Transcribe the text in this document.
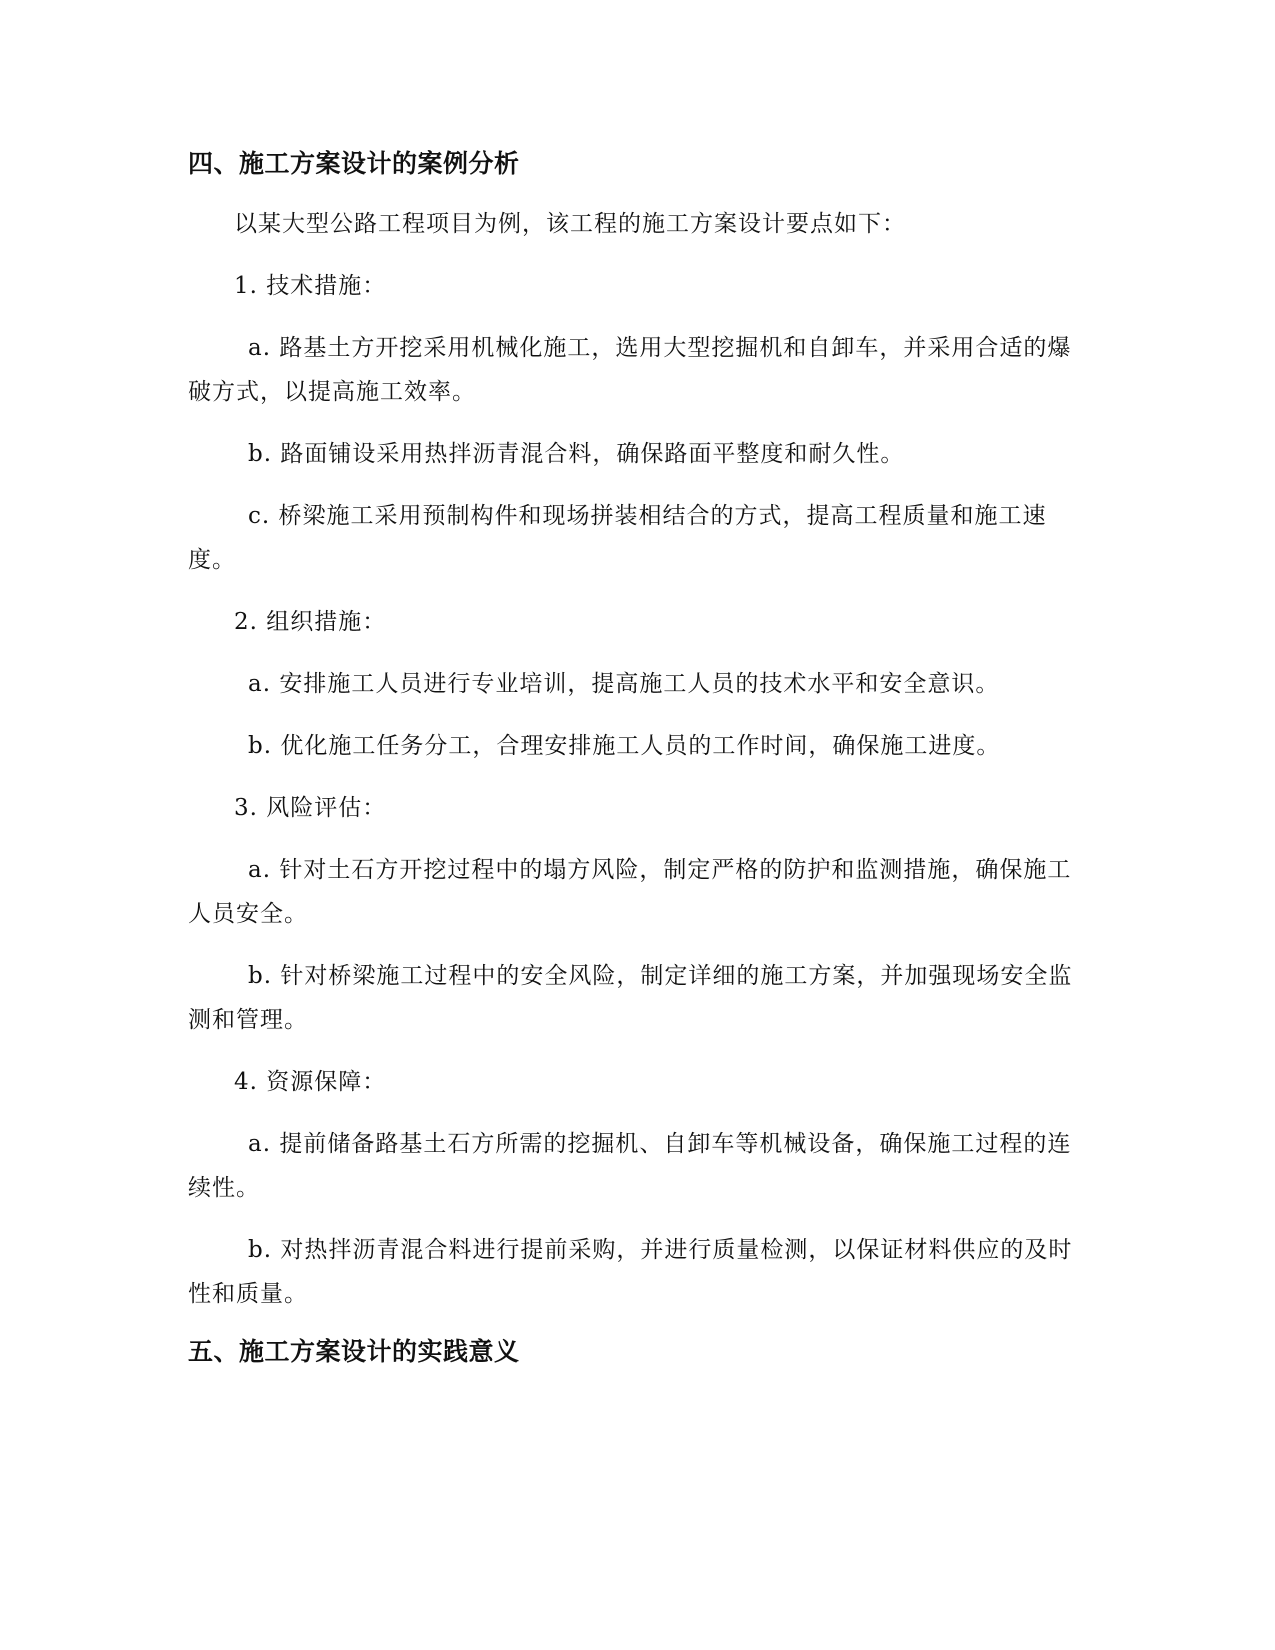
四、施工方案设计的案例分析

以某大型公路工程项目为例，该工程的施工方案设计要点如下：

1. 技术措施：

a. 路基土方开挖采用机械化施工，选用大型挖掘机和自卸车，并采用合适的爆破方式，以提高施工效率。

b. 路面铺设采用热拌沥青混合料，确保路面平整度和耐久性。

c. 桥梁施工采用预制构件和现场拼装相结合的方式，提高工程质量和施工速度。

2. 组织措施：

a. 安排施工人员进行专业培训，提高施工人员的技术水平和安全意识。

b. 优化施工任务分工，合理安排施工人员的工作时间，确保施工进度。

3. 风险评估：

a. 针对土石方开挖过程中的塌方风险，制定严格的防护和监测措施，确保施工人员安全。

b. 针对桥梁施工过程中的安全风险，制定详细的施工方案，并加强现场安全监测和管理。

4. 资源保障：

a. 提前储备路基土石方所需的挖掘机、自卸车等机械设备，确保施工过程的连续性。

b. 对热拌沥青混合料进行提前采购，并进行质量检测，以保证材料供应的及时性和质量。

五、施工方案设计的实践意义
